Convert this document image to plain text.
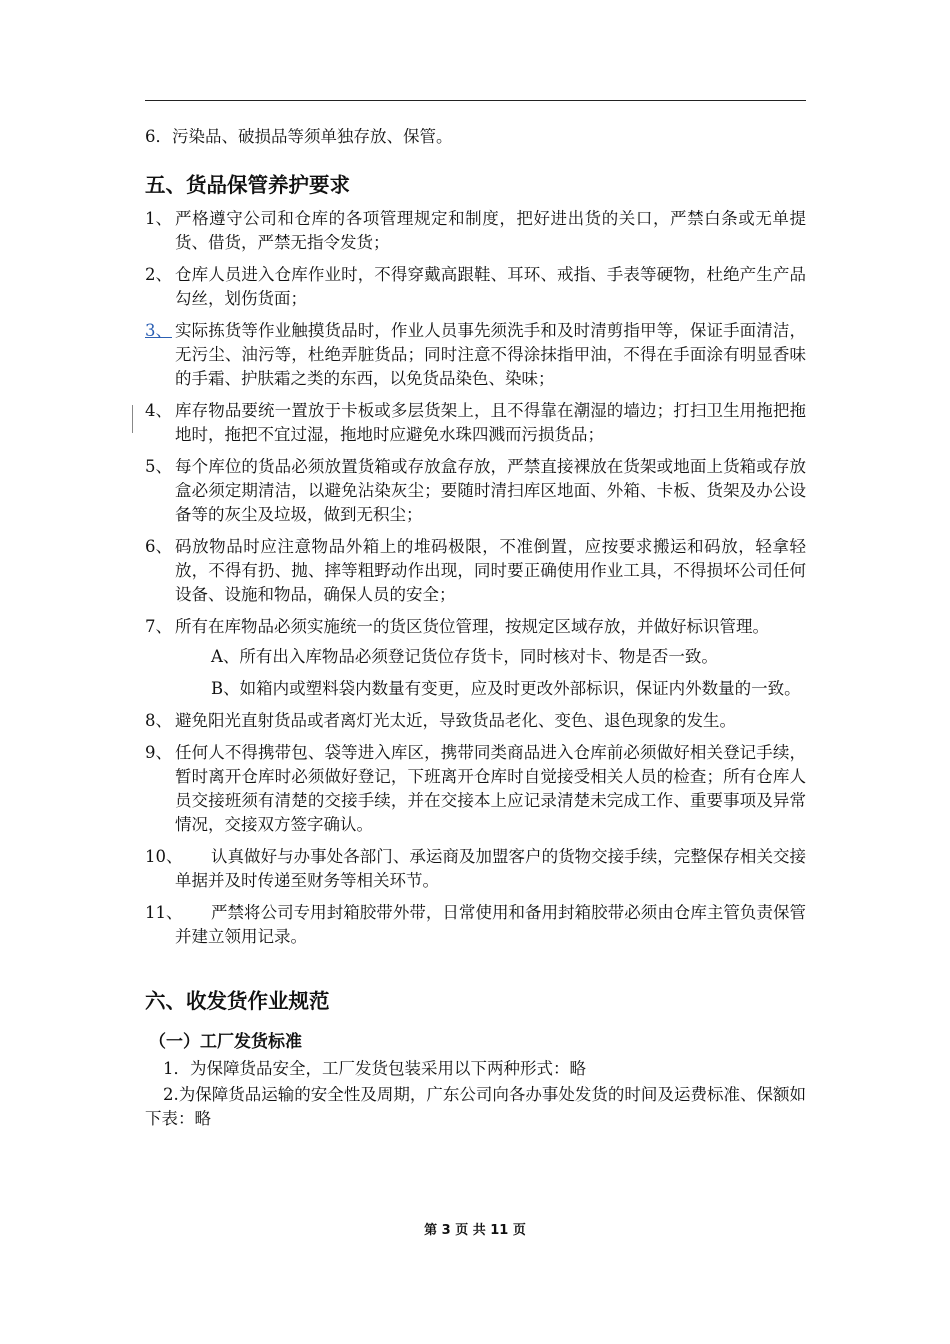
6．污染品、破损品等须单独存放、保管。
五、货品保管养护要求
1、 严格遵守公司和仓库的各项管理规定和制度，把好进出货的关口，严禁白条或无单提货、借货，严禁无指令发货；
2、 仓库人员进入仓库作业时，不得穿戴高跟鞋、耳环、戒指、手表等硬物，杜绝产生产品勾丝，划伤货面；
3、 实际拣货等作业触摸货品时，作业人员事先须洗手和及时清剪指甲等，保证手面清洁，无污尘、油污等，杜绝弄脏货品；同时注意不得涂抹指甲油，不得在手面涂有明显香味的手霜、护肤霜之类的东西，以免货品染色、染味；
4、 库存物品要统一置放于卡板或多层货架上，且不得靠在潮湿的墙边；打扫卫生用拖把拖地时，拖把不宜过湿，拖地时应避免水珠四溅而污损货品；
5、 每个库位的货品必须放置货箱或存放盒存放，严禁直接裸放在货架或地面上货箱或存放盒必须定期清洁，以避免沾染灰尘；要随时清扫库区地面、外箱、卡板、货架及办公设备等的灰尘及垃圾，做到无积尘；
6、 码放物品时应注意物品外箱上的堆码极限，不准倒置，应按要求搬运和码放，轻拿轻放，不得有扔、抛、摔等粗野动作出现，同时要正确使用作业工具，不得损坏公司任何设备、设施和物品，确保人员的安全；
7、 所有在库物品必须实施统一的货区货位管理，按规定区域存放，并做好标识管理。
A、所有出入库物品必须登记货位存货卡，同时核对卡、物是否一致。
B、如箱内或塑料袋内数量有变更，应及时更改外部标识，保证内外数量的一致。
8、 避免阳光直射货品或者离灯光太近，导致货品老化、变色、退色现象的发生。
9、 任何人不得携带包、袋等进入库区，携带同类商品进入仓库前必须做好相关登记手续，暂时离开仓库时必须做好登记，下班离开仓库时自觉接受相关人员的检查；所有仓库人员交接班须有清楚的交接手续，并在交接本上应记录清楚未完成工作、重要事项及异常情况，交接双方签字确认。
10、	认真做好与办事处各部门、承运商及加盟客户的货物交接手续，完整保存相关交接单据并及时传递至财务等相关环节。
11、	严禁将公司专用封箱胶带外带，日常使用和备用封箱胶带必须由仓库主管负责保管并建立领用记录。
六、收发货作业规范
（一）工厂发货标准
1．为保障货品安全，工厂发货包装采用以下两种形式：略
2.为保障货品运输的安全性及周期，广东公司向各办事处发货的时间及运费标准、保额如下表：略
第 3 页 共 11 页
